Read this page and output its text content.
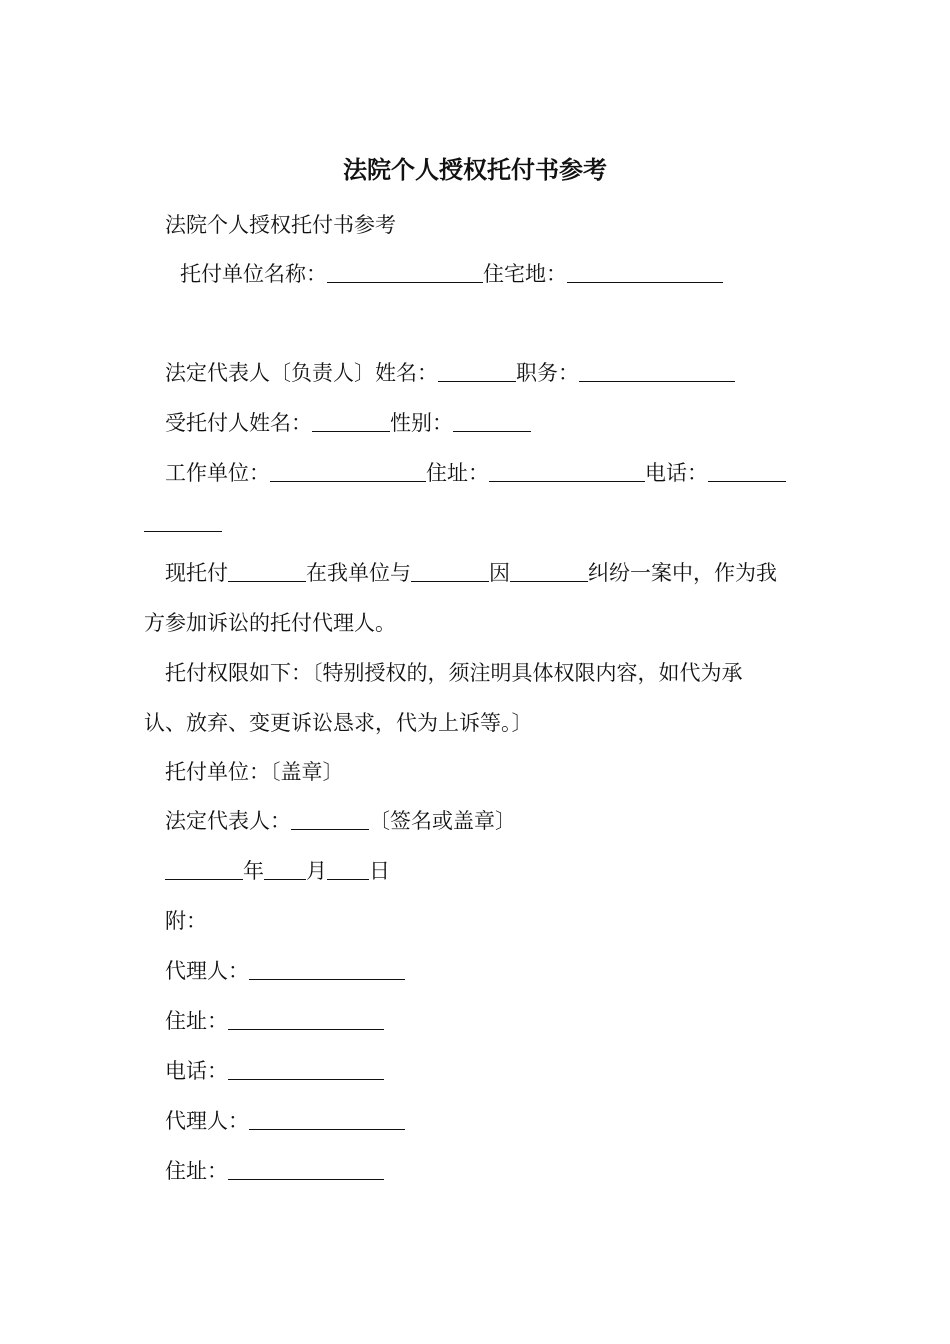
法院个人授权托付书参考

法院个人授权托付书参考

托付单位名称：	住宅地：

法定代表人〔负责人〕姓名：	职务：

受托付人姓名：	性别：

工作单位：	住址：	电话：

现托付	在我单位与	因	纠纷一案中，作为我

方参加诉讼的托付代理人。

托付权限如下：〔特别授权的，须注明具体权限内容，如代为承

认、放弃、变更诉讼恳求，代为上诉等。〕

托付单位：〔盖章〕

法定代表人：	〔签名或盖章〕

年 月 日

附：

代理人：

住址：

电话：

代理人：

住址：
